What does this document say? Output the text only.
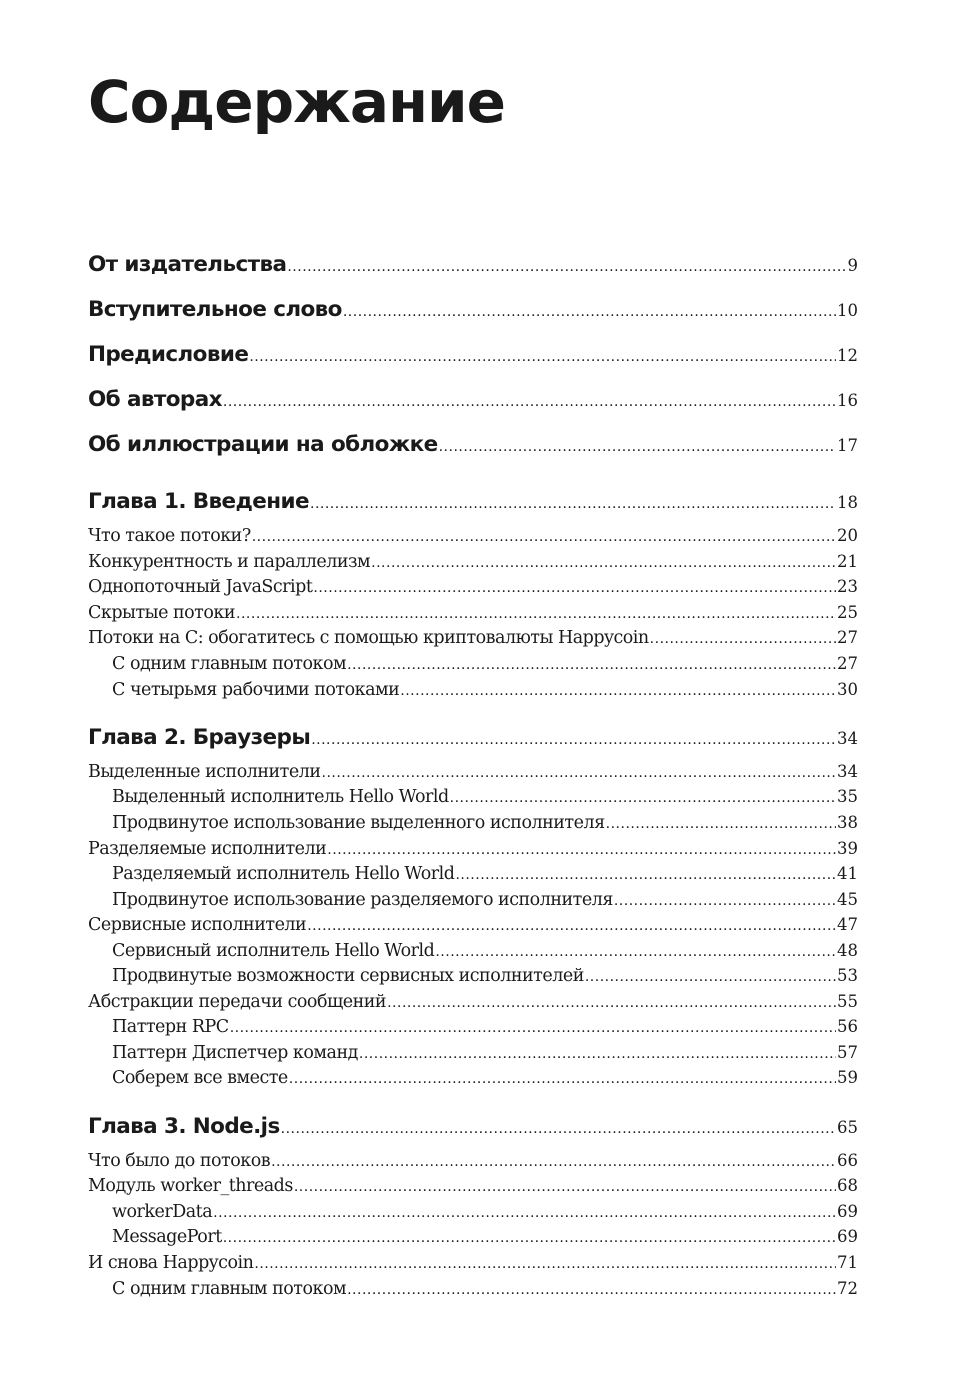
Содержание
От издательства .....	9
Вступительное слово .....	10
Предисловие .....	12
Об авторах .....	16
Об иллюстрации на обложке .....	17
Глава 1. Введение .....	18
Что такое потоки? .....	20
Конкурентность и параллелизм .....	21
Однопоточный JavaScript .....	23
Скрытые потоки .....	25
Потоки на C: обогатитесь с помощью криптовалюты Happycoin .....	27
С одним главным потоком .....	27
С четырьмя рабочими потоками .....	30
Глава 2. Браузеры .....	34
Выделенные исполнители .....	34
Выделенный исполнитель Hello World .....	35
Продвинутое использование выделенного исполнителя .....	38
Разделяемые исполнители .....	39
Разделяемый исполнитель Hello World .....	41
Продвинутое использование разделяемого исполнителя .....	45
Сервисные исполнители .....	47
Сервисный исполнитель Hello World .....	48
Продвинутые возможности сервисных исполнителей .....	53
Абстракции передачи сообщений .....	55
Паттерн RPC .....	56
Паттерн Диспетчер команд .....	57
Соберем все вместе .....	59
Глава 3. Node.js .....	65
Что было до потоков .....	66
Модуль worker_threads .....	68
workerData .....	69
MessagePort .....	69
И снова Happycoin .....	71
С одним главным потоком .....	72
